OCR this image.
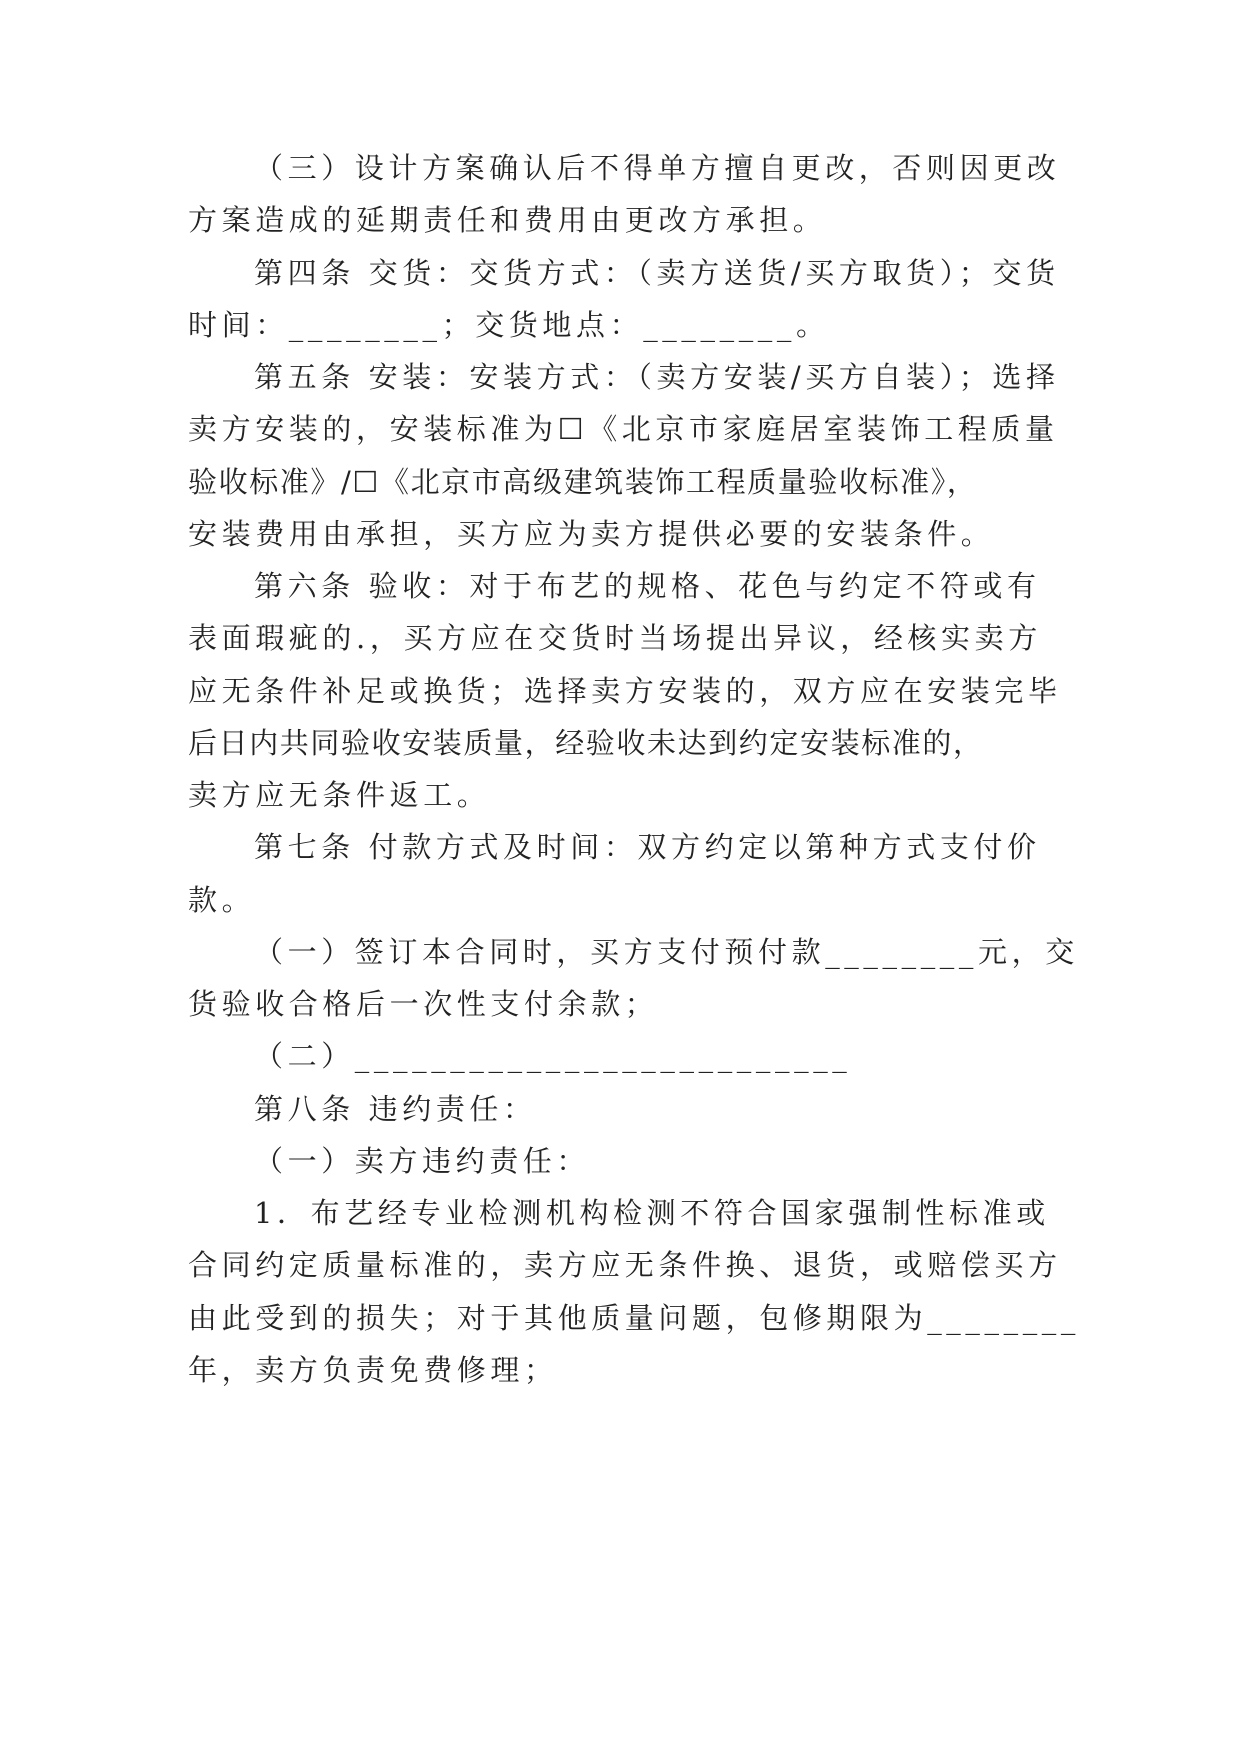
（三）设计方案确认后不得单方擅自更改，否则因更改
方案造成的延期责任和费用由更改方承担。
第四条 交货：交货方式：（卖方送货/买方取货）；交货
时间：________；交货地点：________。
第五条 安装：安装方式：（卖方安装/买方自装）；选择
卖方安装的，安装标准为☐《北京市家庭居室装饰工程质量
验收标准》/☐《北京市高级建筑装饰工程质量验收标准》，
安装费用由承担，买方应为卖方提供必要的安装条件。
第六条 验收：对于布艺的规格、花色与约定不符或有
表面瑕疵的.，买方应在交货时当场提出异议，经核实卖方
应无条件补足或换货；选择卖方安装的，双方应在安装完毕
后日内共同验收安装质量，经验收未达到约定安装标准的，
卖方应无条件返工。
第七条 付款方式及时间：双方约定以第种方式支付价
款。
（一）签订本合同时，买方支付预付款________元，交
货验收合格后一次性支付余款；
（二）__________________________
第八条 违约责任：
（一）卖方违约责任：
1．布艺经专业检测机构检测不符合国家强制性标准或
合同约定质量标准的，卖方应无条件换、退货，或赔偿买方
由此受到的损失；对于其他质量问题，包修期限为________
年，卖方负责免费修理；
